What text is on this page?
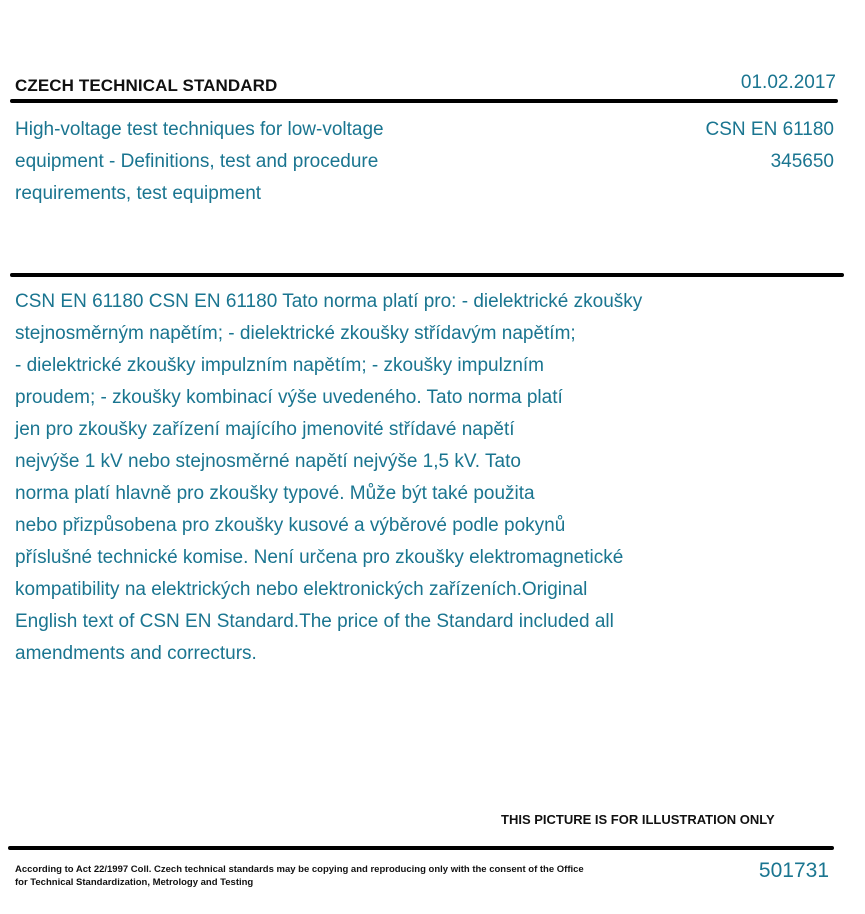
CZECH TECHNICAL STANDARD	01.02.2017
High-voltage test techniques for low-voltage
equipment - Definitions, test and procedure
requirements, test equipment
CSN EN 61180
345650
CSN EN 61180 CSN EN 61180 Tato norma platí pro: - dielektrické zkoušky
stejnosměrným napětím; - dielektrické zkoušky střídavým napětím;
- dielektrické zkoušky impulzním napětím; - zkoušky impulzním
proudem; - zkoušky kombinací výše uvedeného. Tato norma platí
jen pro zkoušky zařízení majícího jmenovité střídavé napětí
nejvýše 1 kV nebo stejnosměrné napětí nejvýše 1,5 kV. Tato
norma platí hlavně pro zkoušky typové. Může být také použita
nebo přizpůsobena pro zkoušky kusové a výběrové podle pokynů
příslušné technické komise. Není určena pro zkoušky elektromagnetické
kompatibility na elektrických nebo elektronických zařízeních.Original
English text of CSN EN Standard.The price of the Standard included all
amendments and correcturs.
THIS PICTURE IS FOR ILLUSTRATION ONLY
According to Act 22/1997 Coll. Czech technical standards may be copying and reproducing only with the consent of the Office
for Technical Standardization, Metrology and Testing
501731
